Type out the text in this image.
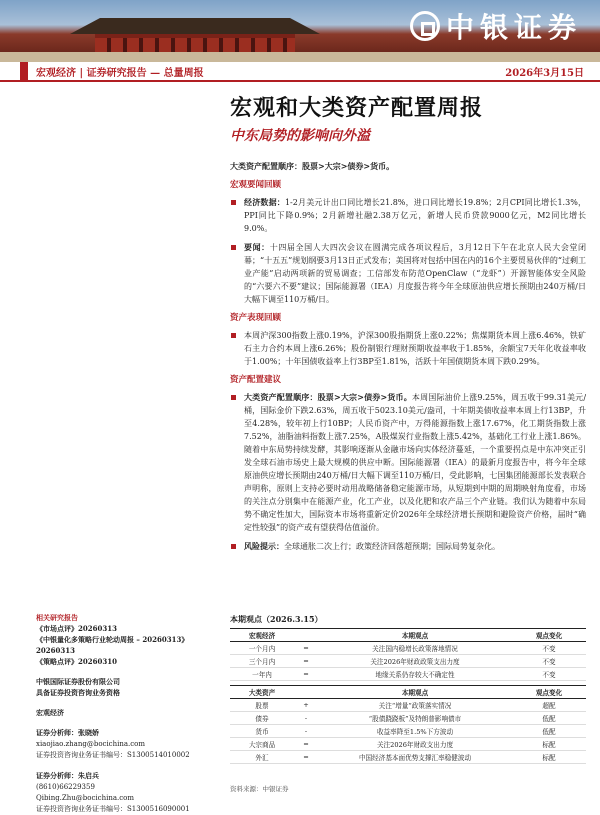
中银证券
宏观经济 | 证券研究报告 — 总量周报	2026年3月15日
宏观和大类资产配置周报
中东局势的影响向外溢
大类资产配置顺序：股票>大宗>债券>货币。
宏观要闻回顾
经济数据：1-2月美元计出口同比增长21.8%，进口同比增长19.8%；2月CPI同比增长1.3%，PPI同比下降0.9%；2月新增社融2.38万亿元，新增人民币贷款9000亿元，M2同比增长9.0%。
要闻：十四届全国人大四次会议在圆满完成各项议程后，3月12日下午在北京人民大会堂闭幕；“十五五”规划纲要3月13日正式发布；美国将对包括中国在内的16个主要贸易伙伴的“过剩工业产能”启动两项新的贸易调查；工信部发布防范OpenClaw（“龙虾”）开源智能体安全风险的“六要六不要”建议；国际能源署（IEA）月度报告将今年全球原油供应增长预期由240万桶/日大幅下调至110万桶/日。
资产表现回顾
本周沪深300指数上涨0.19%，沪深300股指期货上涨0.22%；焦煤期货本周上涨6.46%，铁矿石主力合约本周上涨6.26%；股份制银行理财预期收益率收于1.85%，余额宝7天年化收益率收于1.00%；十年国债收益率上行3BP至1.81%，活跃十年国债期货本周下跌0.29%。
资产配置建议
大类资产配置顺序：股票>大宗>债券>货币。本周国际油价上涨9.25%，周五收于99.31美元/桶，国际金价下跌2.63%，周五收于5023.10美元/盎司，十年期美债收益率本周上行13BP，升至4.28%，较年初上行10BP；人民币资产中，万得能源指数上涨17.67%，化工期货指数上涨7.52%，油脂油料指数上涨7.25%，A股煤炭行业指数上涨5.42%，基础化工行业上涨1.86%。随着中东局势持续发酵，其影响逐渐从金融市场向实体经济蔓延，一个重要拐点是中东冲突正引发全球石油市场史上最大规模的供应中断。国际能源署（IEA）的最新月度报告中，将今年全球原油供应增长预期由240万桶/日大幅下调至110万桶/日，受此影响，七国集团能源部长发表联合声明称，原则上支持必要时动用战略储备稳定能源市场，从短期到中期的周期映射角度看，市场的关注点分别集中在能源产业，化工产业，以及化肥和农产品三个产业链。我们认为随着中东局势不确定性加大，国际资本市场将重新定价2026年全球经济增长预期和避险资产价格，届时“确定性较强”的资产或有望获得估值溢价。
风险提示：全球通胀二次上行；政策经济回落超预期；国际局势复杂化。
相关研究报告
《市场点评》20260313
《中银量化多策略行业轮动周报 – 20260313》20260313
《策略点评》20260310
中银国际证券股份有限公司
具备证券投资咨询业务资格
宏观经济
证券分析师：张晓娇
xiaojiao.zhang@bocichina.com
证券投资咨询业务证书编号：S1300514010002
证券分析师：朱启兵
(8610)66229359
Qibing.Zhu@bocichina.com
证券投资咨询业务证书编号：S1300516090001
本期观点（2026.3.15）
宏观经济		本期观点	观点变化
一个月内	=	关注国内稳增长政策落地情况	不变
三个月内	=	关注2026年财政政策支出力度	不变
一年内	=	地缘关系仍存较大不确定性	不变
大类资产		本期观点	观点变化
股票	+	关注“增量”政策落实情况	超配
债券	-	“股债跷跷板”及特朗普影响债市	低配
货币	-	收益率降至1.5%下方波动	低配
大宗商品	=	关注2026年财政支出力度	标配
外汇	=	中国经济基本面优势支撑汇率稳健波动	标配
资料来源：中银证券
